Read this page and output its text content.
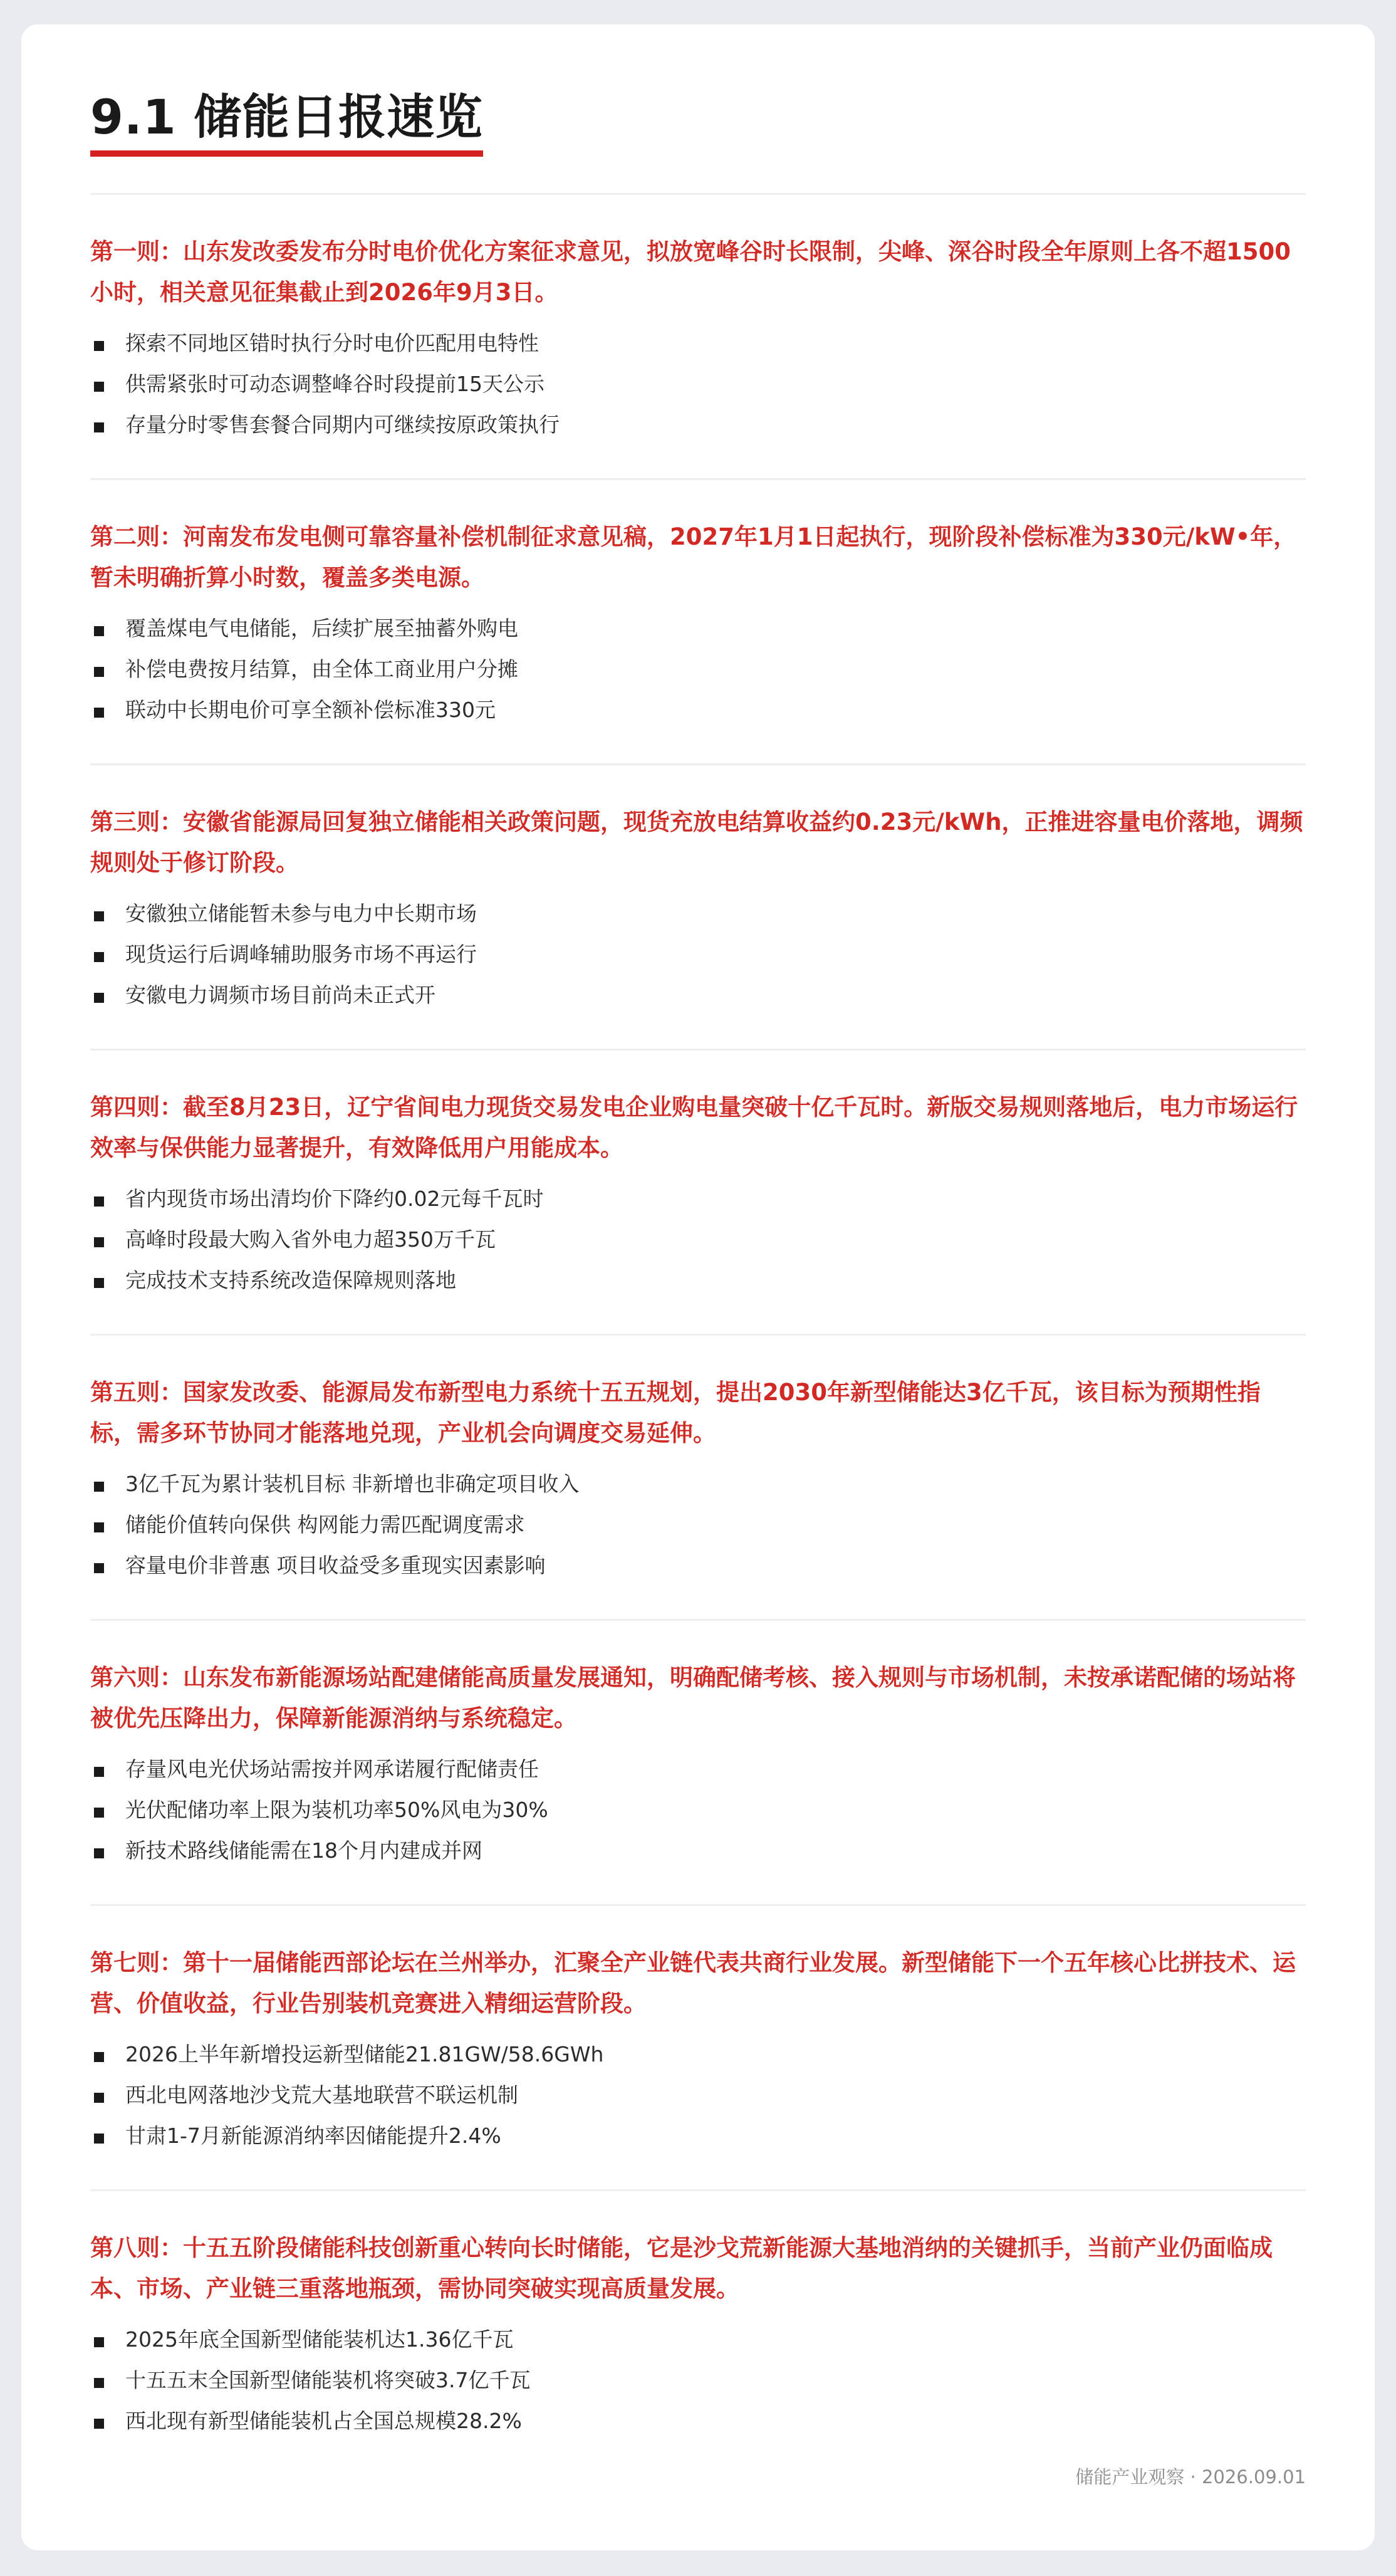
9.1 储能日报速览

第一则：山东发改委发布分时电价优化方案征求意见，拟放宽峰谷时长限制，尖峰、深谷时段全年原则上各不超1500小时，相关意见征集截止到2026年9月3日。

探索不同地区错时执行分时电价匹配用电特性
供需紧张时可动态调整峰谷时段提前15天公示
存量分时零售套餐合同期内可继续按原政策执行

第二则：河南发布发电侧可靠容量补偿机制征求意见稿，2027年1月1日起执行，现阶段补偿标准为330元/kW•年，暂未明确折算小时数，覆盖多类电源。

覆盖煤电气电储能，后续扩展至抽蓄外购电
补偿电费按月结算，由全体工商业用户分摊
联动中长期电价可享全额补偿标准330元

第三则：安徽省能源局回复独立储能相关政策问题，现货充放电结算收益约0.23元/kWh，正推进容量电价落地，调频规则处于修订阶段。

安徽独立储能暂未参与电力中长期市场
现货运行后调峰辅助服务市场不再运行
安徽电力调频市场目前尚未正式开

第四则：截至8月23日，辽宁省间电力现货交易发电企业购电量突破十亿千瓦时。新版交易规则落地后，电力市场运行效率与保供能力显著提升，有效降低用户用能成本。

省内现货市场出清均价下降约0.02元每千瓦时
高峰时段最大购入省外电力超350万千瓦
完成技术支持系统改造保障规则落地

第五则：国家发改委、能源局发布新型电力系统十五五规划，提出2030年新型储能达3亿千瓦，该目标为预期性指标，需多环节协同才能落地兑现，产业机会向调度交易延伸。

3亿千瓦为累计装机目标 非新增也非确定项目收入
储能价值转向保供 构网能力需匹配调度需求
容量电价非普惠 项目收益受多重现实因素影响

第六则：山东发布新能源场站配建储能高质量发展通知，明确配储考核、接入规则与市场机制，未按承诺配储的场站将被优先压降出力，保障新能源消纳与系统稳定。

存量风电光伏场站需按并网承诺履行配储责任
光伏配储功率上限为装机功率50%风电为30%
新技术路线储能需在18个月内建成并网

第七则：第十一届储能西部论坛在兰州举办，汇聚全产业链代表共商行业发展。新型储能下一个五年核心比拼技术、运营、价值收益，行业告别装机竞赛进入精细运营阶段。

2026上半年新增投运新型储能21.81GW/58.6GWh
西北电网落地沙戈荒大基地联营不联运机制
甘肃1-7月新能源消纳率因储能提升2.4%

第八则：十五五阶段储能科技创新重心转向长时储能，它是沙戈荒新能源大基地消纳的关键抓手，当前产业仍面临成本、市场、产业链三重落地瓶颈，需协同突破实现高质量发展。

2025年底全国新型储能装机达1.36亿千瓦
十五五末全国新型储能装机将突破3.7亿千瓦
西北现有新型储能装机占全国总规模28.2%
储能产业观察 · 2026.09.01
